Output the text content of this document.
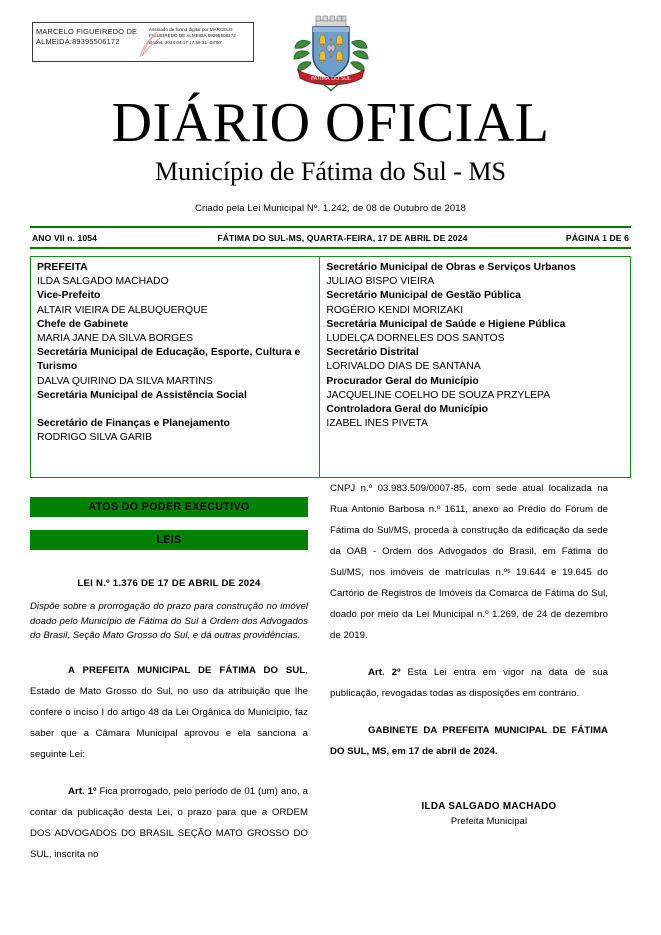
MARCELO FIGUEIREDO DE ALMEIDA:89395506172
Assinado de forma digital por MARCELO FIGUEIREDO DE ALMEIDA:89395506172
Dados: 2024.04.17 17:58:31 -04'00'
FÁTIMA DO SUL
DIÁRIO OFICIAL
Município de Fátima do Sul - MS
Criado pela Lei Municipal Nº. 1.242, de 08 de Outubro de 2018
ANO VII n. 1054	FÁTIMA DO SUL-MS, QUARTA-FEIRA, 17 DE ABRIL DE 2024	PÁGINA 1 DE 6
PREFEITA
ILDA SALGADO MACHADO
Vice-Prefeito
ALTAIR VIEIRA DE ALBUQUERQUE
Chefe de Gabinete
MARIA JANE DA SILVA BORGES
Secretária Municipal de Educação, Esporte, Cultura e Turismo
DALVA QUIRINO DA SILVA MARTINS
Secretária Municipal de Assistência Social
Secretário de Finanças e Planejamento
RODRIGO SILVA GARIB
Secretário Municipal de Obras e Serviços Urbanos
JULIAO BISPO VIEIRA
Secretário Municipal de Gestão Pública
ROGÉRIO KENDI MORIZAKI
Secretária Municipal de Saúde e Higiene Pública
LUDELÇA DORNELES DOS SANTOS
Secretário Distrital
LORIVALDO DIAS DE SANTANA
Procurador Geral do Município
JACQUELINE COELHO DE SOUZA PRZYLEPA
Controladora Geral do Município
IZABEL INES PIVETA
ATOS DO PODER EXECUTIVO
LEIS
LEI N.º 1.376 DE 17 DE ABRIL DE 2024
Dispõe sobre a prorrogação do prazo para construção no imóvel doado pelo Município de Fátima do Sul à Ordem dos Advogados do Brasil, Seção Mato Grosso do Sul, e dá outras providências.
A PREFEITA MUNICIPAL DE FÁTIMA DO SUL, Estado de Mato Grosso do Sul, no uso da atribuição que lhe confere o inciso I do artigo 48 da Lei Orgânica do Município, faz saber que a Câmara Municipal aprovou e ela sanciona a seguinte Lei:
Art. 1º Fica prorrogado, pelo período de 01 (um) ano, a contar da publicação desta Lei, o prazo para que a ORDEM DOS ADVOGADOS DO BRASIL SEÇÃO MATO GROSSO DO SUL, inscrita no
CNPJ n.º 03.983.509/0007-85, com sede atual localizada na Rua Antonio Barbosa n.º 1611, anexo ao Prédio do Fórum de Fátima do Sul/MS, proceda à construção da edificação da sede da OAB - Ordem dos Advogados do Brasil, em Fátima do Sul/MS, nos imóveis de matrículas n.ºˢ 19.644 e 19.645 do Cartório de Registros de Imóveis da Comarca de Fátima do Sul, doado por meio da Lei Municipal n.º 1.269, de 24 de dezembro de 2019.
Art. 2º Esta Lei entra em vigor na data de sua publicação, revogadas todas as disposições em contrário.
GABINETE DA PREFEITA MUNICIPAL DE FÁTIMA DO SUL, MS, em 17 de abril de 2024.
ILDA SALGADO MACHADO
Prefeita Municipal
